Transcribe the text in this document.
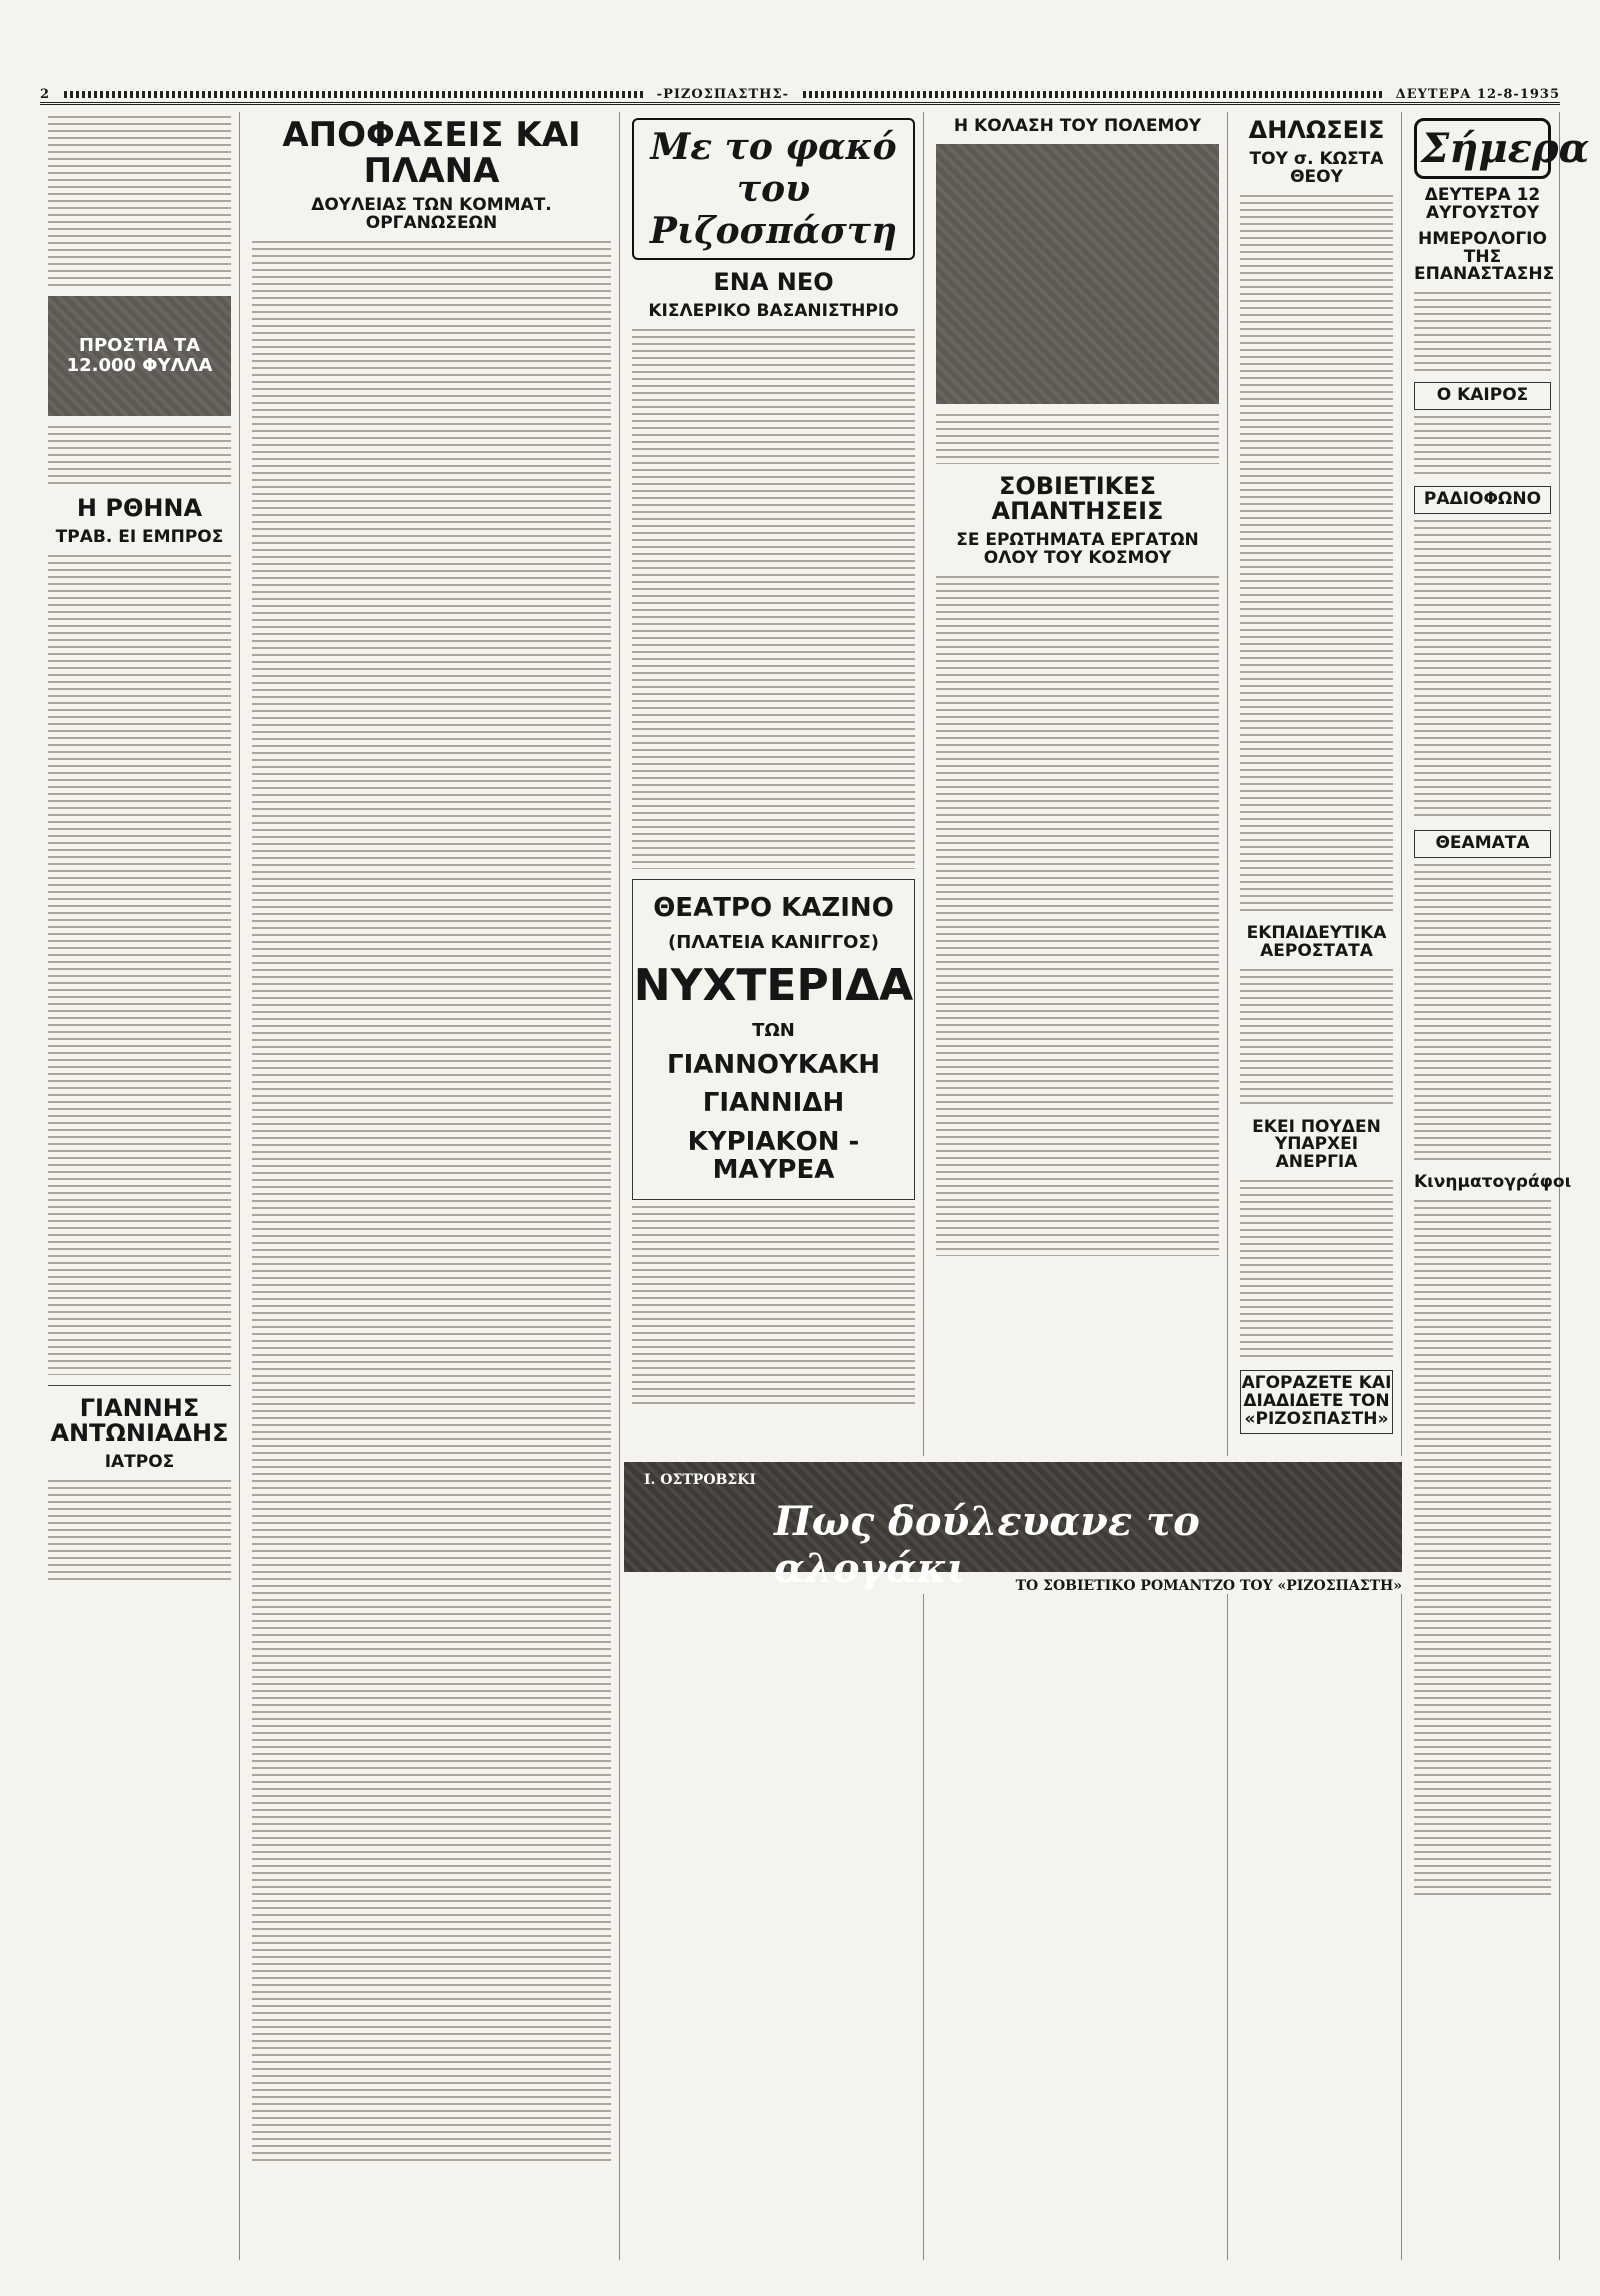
2	-ΡΙΖΟΣΠΑΣΤΗΣ-	ΔΕΥΤΕΡΑ 12-8-1935
ΠΡΟΣΤΙΑ ΤΑ 12.000 ΦΥΛΛΑ
Η ΡΘΗΝΑ
ΤΡΑΒ. ΕΙ ΕΜΠΡΟΣ
ΓΙΑΝΝΗΣ ΑΝΤΩΝΙΑΔΗΣ
ΙΑΤΡΟΣ
ΑΠΟΦΑΣΕΙΣ ΚΑΙ ΠΛΑΝΑ
ΔΟΥΛΕΙΑΣ ΤΩΝ ΚΟΜΜΑΤ. ΟΡΓΑΝΩΣΕΩΝ
Με το φακό του Ριζοσπάστη
ΕΝΑ ΝΕΟ
ΚΙΣΛΕΡΙΚΟ ΒΑΣΑΝΙΣΤΗΡΙΟ
ΘΕΑΤΡΟ ΚΑΖΙΝΟ
(ΠΛΑΤΕΙΑ ΚΑΝΙΓΓΟΣ)
ΝΥΧΤΕΡΙΔΑ
ΤΩΝ
ΓΙΑΝΝΟΥΚΑΚΗ
ΓΙΑΝΝΙΔΗ
ΚΥΡΙΑΚΟΝ - ΜΑΥΡΕΑ
Η ΚΟΛΑΣΗ ΤΟΥ ΠΟΛΕΜΟΥ
ΣΟΒΙΕΤΙΚΕΣ ΑΠΑΝΤΗΣΕΙΣ
ΣΕ ΕΡΩΤΗΜΑΤΑ ΕΡΓΑΤΩΝ ΟΛΟΥ ΤΟΥ ΚΟΣΜΟΥ
ΔΗΛΩΣΕΙΣ
ΤΟΥ σ. ΚΩΣΤΑ ΘΕΟΥ
ΕΚΠΑΙΔΕΥΤΙΚΑ ΑΕΡΟΣΤΑΤΑ
ΕΚΕΙ ΠΟΥΔΕΝ ΥΠΑΡΧΕΙ ΑΝΕΡΓΙΑ
ΑΓΟΡΑΖΕΤΕ ΚΑΙ ΔΙΑΔΙΔΕΤΕ ΤΟΝ «ΡΙΖΟΣΠΑΣΤΗ»
Σήμερα
ΔΕΥΤΕΡΑ 12 ΑΥΓΟΥΣΤΟΥ
ΗΜΕΡΟΛΟΓΙΟ ΤΗΣ ΕΠΑΝΑΣΤΑΣΗΣ
Ο ΚΑΙΡΟΣ
ΡΑΔΙΟΦΩΝΟ
ΘΕΑΜΑΤΑ
Κινηματογράφοι
Ι. ΟΣΤΡΟΒΣΚΙ
Πως δούλευανε το αλογάκι	ΤΟ ΣΟΒΙΕΤΙΚΟ ΡΟΜΑΝΤΖΟ ΤΟΥ «ΡΙΖΟΣΠΑΣΤΗ»
